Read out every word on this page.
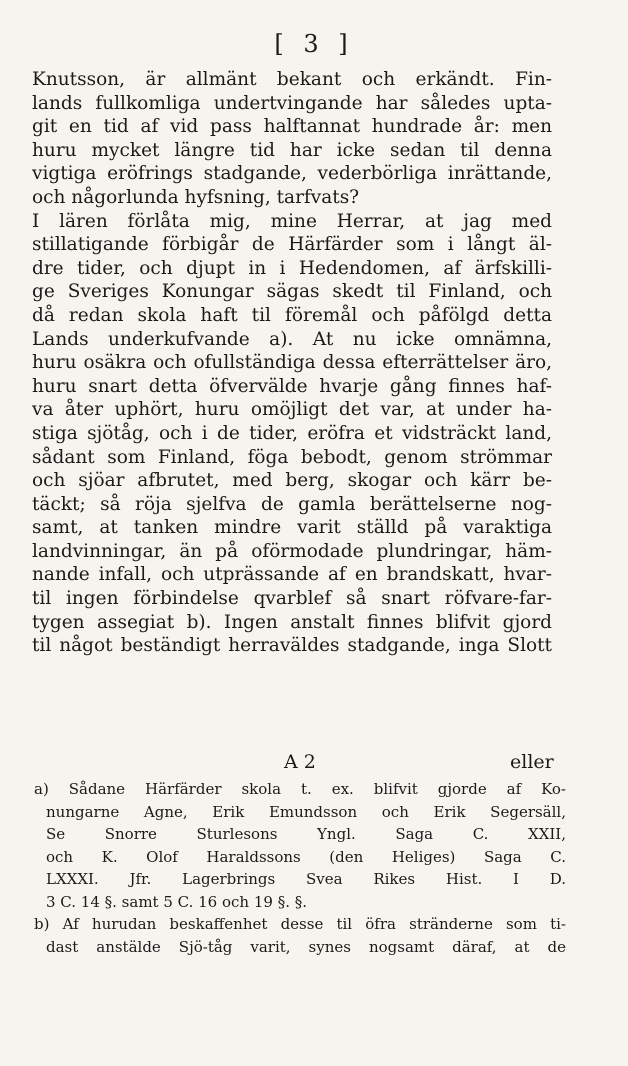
[ 3 ]
Knutsson, är allmänt bekant och erkändt. Fin-
lands fullkomliga undertvingande har således upta-
git en tid af vid pass halftannat hundrade år: men
huru mycket längre tid har icke sedan til denna
vigtiga eröfrings stadgande, vederbörliga inrättande,
och någorlunda hyfsning, tarfvats?
I lären förlåta mig, mine Herrar, at jag med
stillatigande förbigår de Härfärder som i långt äl-
dre tider, och djupt in i Hedendomen, af ärfskilli-
ge Sveriges Konungar sägas skedt til Finland, och
då redan skola haft til föremål och påfölgd detta
Lands underkufvande a). At nu icke omnämna,
huru osäkra och ofullständiga dessa efterrättelser äro,
huru snart detta öfvervälde hvarje gång finnes haf-
va åter uphört, huru omöjligt det var, at under ha-
stiga sjötåg, och i de tider, eröfra et vidsträckt land,
sådant som Finland, föga bebodt, genom strömmar
och sjöar afbrutet, med berg, skogar och kärr be-
täckt; så röja sjelfva de gamla berättelserne nog-
samt, at tanken mindre varit ställd på varaktiga
landvinningar, än på oförmodade plundringar, häm-
nande infall, och utprässande af en brandskatt, hvar-
til ingen förbindelse qvarblef så snart röfvare-far-
tygen assegiat b). Ingen anstalt finnes blifvit gjord
til något beständigt herraväldes stadgande, inga Slott
A 2	eller
a) Sådane Härfärder skola t. ex. blifvit gjorde af Ko-
nungarne Agne, Erik Emundsson och Erik Segersäll,
Se Snorre Sturlesons Yngl. Saga C. XXII,
och K. Olof Haraldssons (den Heliges) Saga C.
LXXXI. Jfr. Lagerbrings Svea Rikes Hist. I D.
3 C. 14 §. samt 5 C. 16 och 19 §. §.
b) Af hurudan beskaffenhet desse til öfra stränderne som ti-
dast anstälde Sjö-tåg varit, synes nogsamt däraf, at de
